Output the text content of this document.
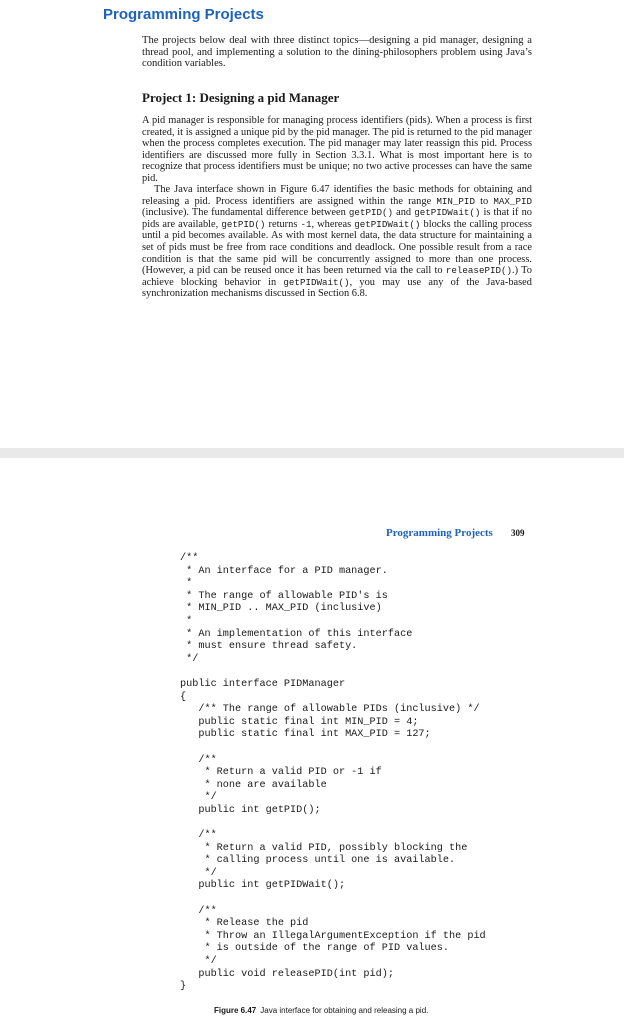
Programming Projects

The projects below deal with three distinct topics—designing a pid manager, designing a thread pool, and implementing a solution to the dining-philosophers problem using Java’s condition variables.

Project 1: Designing a pid Manager

A pid manager is responsible for managing process identifiers (pids). When a process is first created, it is assigned a unique pid by the pid manager. The pid is returned to the pid manager when the process completes execution. The pid manager may later reassign this pid. Process identifiers are discussed more fully in Section 3.3.1. What is most important here is to recognize that process identifiers must be unique; no two active processes can have the same pid.

The Java interface shown in Figure 6.47 identifies the basic methods for obtaining and releasing a pid. Process identifiers are assigned within the range MIN_PID to MAX_PID (inclusive). The fundamental difference between getPID() and getPIDWait() is that if no pids are available, getPID() returns -1, whereas getPIDWait() blocks the calling process until a pid becomes available. As with most kernel data, the data structure for maintaining a set of pids must be free from race conditions and deadlock. One possible result from a race condition is that the same pid will be concurrently assigned to more than one process. (However, a pid can be reused once it has been returned via the call to releasePID().) To achieve blocking behavior in getPIDWait(), you may use any of the Java-based synchronization mechanisms discussed in Section 6.8.

Programming Projects 309
/**
* An interface for a PID manager.
*
* The range of allowable PID's is
* MIN_PID .. MAX_PID (inclusive)
*
* An implementation of this interface
* must ensure thread safety.
*/

public interface PIDManager
{
/** The range of allowable PIDs (inclusive) */
public static final int MIN_PID = 4;
public static final int MAX_PID = 127;

/**
* Return a valid PID or -1 if
* none are available
*/
public int getPID();

/**
* Return a valid PID, possibly blocking the
* calling process until one is available.
*/
public int getPIDWait();

/**
* Release the pid
* Throw an IllegalArgumentException if the pid
* is outside of the range of PID values.
*/
public void releasePID(int pid);
}
Figure 6.47 Java interface for obtaining and releasing a pid.
